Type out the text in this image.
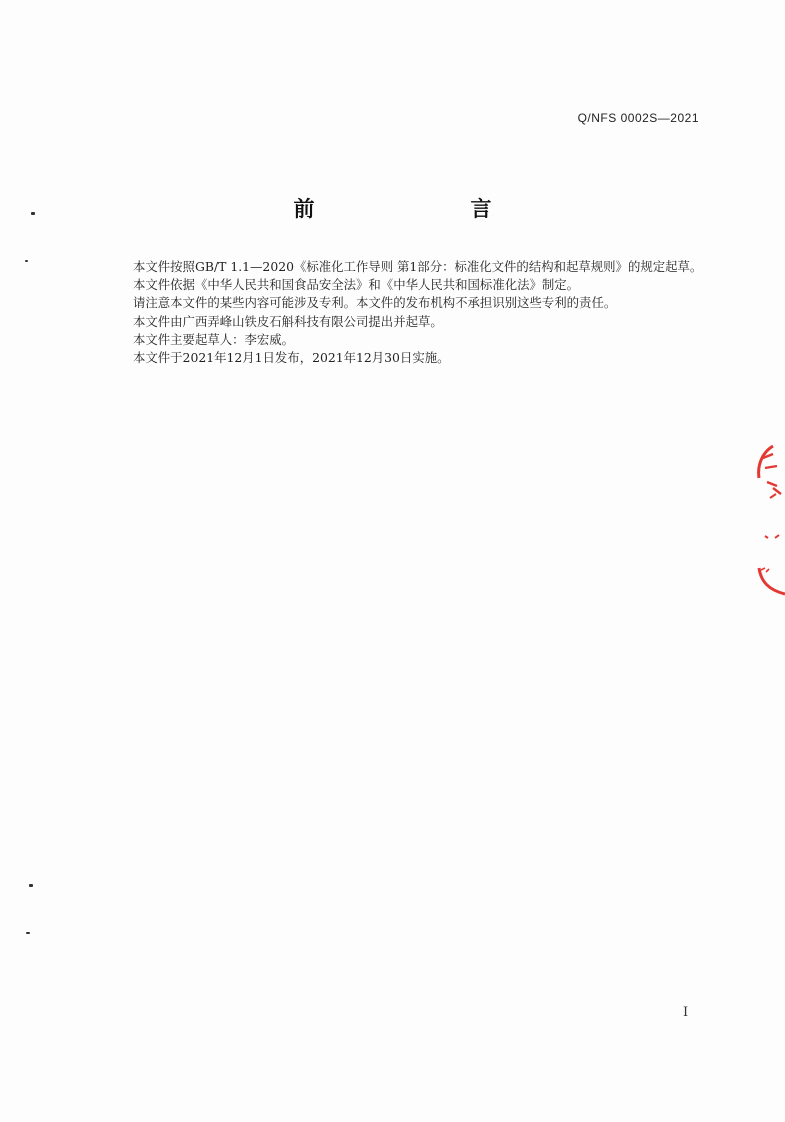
Q/NFS 0002S—2021
前　　言

本文件按照GB/T 1.1—2020《标准化工作导则 第1部分：标准化文件的结构和起草规则》的规定起草。

本文件依据《中华人民共和国食品安全法》和《中华人民共和国标准化法》制定。

请注意本文件的某些内容可能涉及专利。本文件的发布机构不承担识别这些专利的责任。

本文件由广西弄峰山铁皮石斛科技有限公司提出并起草。

本文件主要起草人：李宏威。

本文件于2021年12月1日发布，2021年12月30日实施。

I
